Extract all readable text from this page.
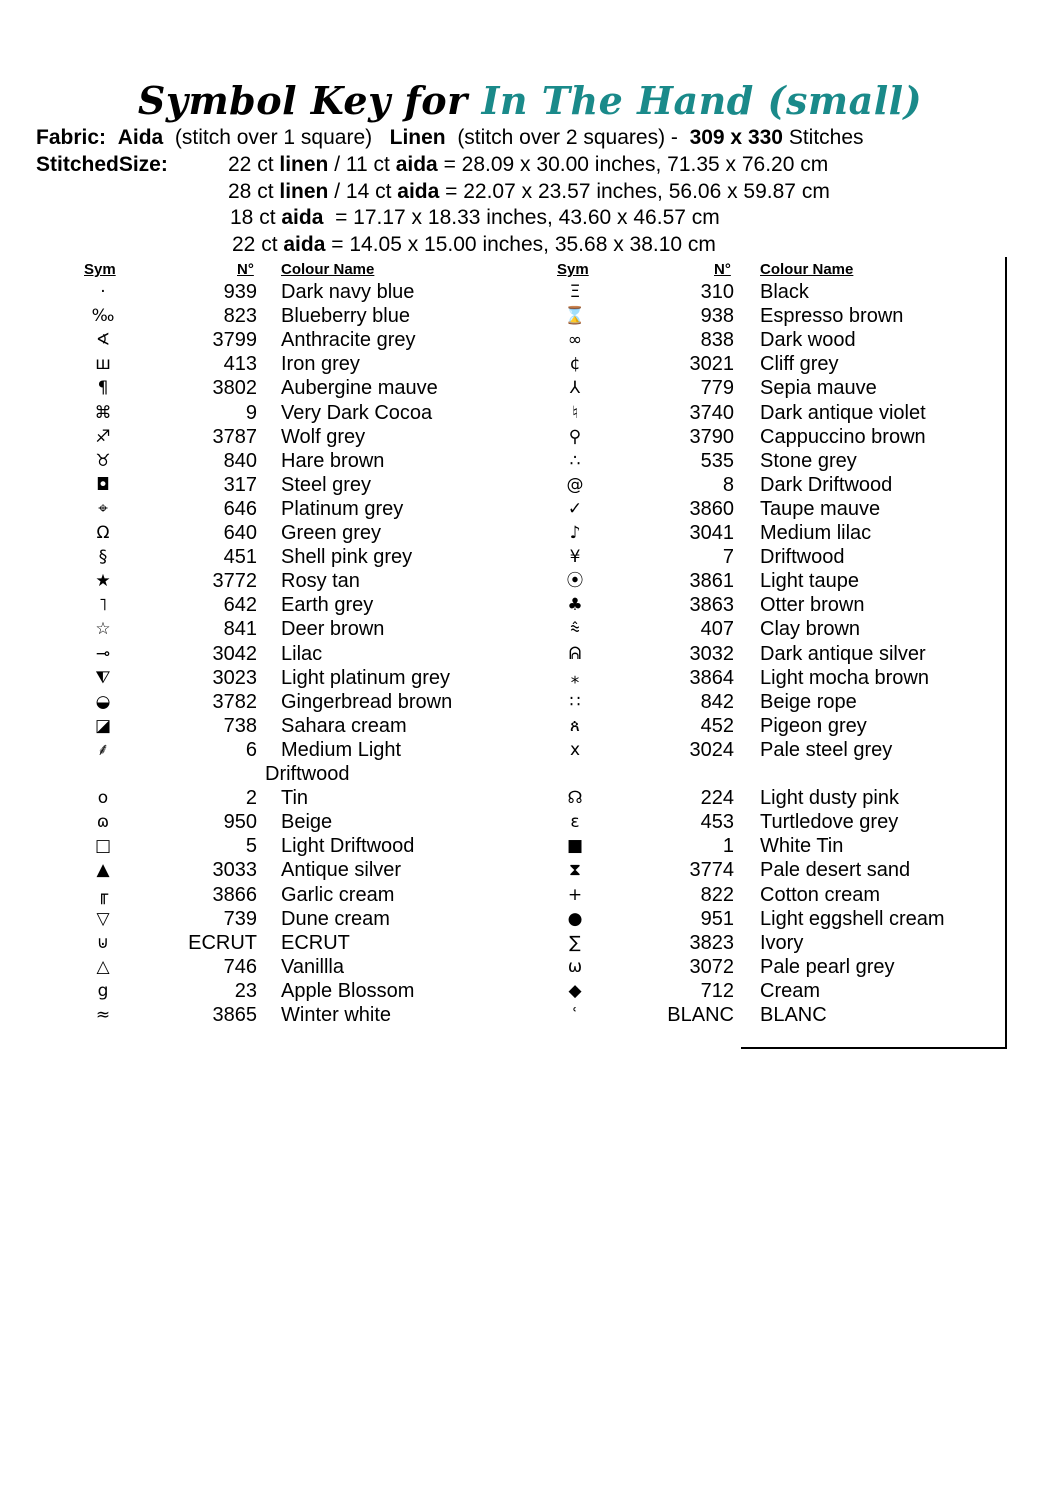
Symbol Key for In The Hand (small)
Fabric: Aida (stitch over 1 square) Linen (stitch over 2 squares) - 309 x 330 Stitches
StitchedSize:	22 ct linen / 11 ct aida = 28.09 x 30.00 inches, 71.35 x 76.20 cm
28 ct linen / 14 ct aida = 22.07 x 23.57 inches, 56.06 x 59.87 cm
18 ct aida  = 17.17 x 18.33 inches, 43.60 x 46.57 cm
22 ct aida = 14.05 x 15.00 inches, 35.68 x 38.10 cm
Sym	N° Colour Name	Sym	N° Colour Name
·	939 Dark navy blue
‰	823 Blueberry blue
∢	3799 Anthracite grey
ш	413 Iron grey
¶	3802 Aubergine mauve
⌘	9 Very Dark Cocoa
♐	3787 Wolf grey
♉	840 Hare brown
◘	317 Steel grey
⌖	646 Platinum grey
Ω	640 Green grey
§	451 Shell pink grey
★	3772 Rosy tan
˥	642 Earth grey
☆	841 Deer brown
⊸	3042 Lilac
⧨	3023 Light platinum grey
◒	3782 Gingerbread brown
◪	738 Sahara cream
⸙	6 Medium Light
Driftwood
o	2 Tin
ɷ	950 Beige
□	5 Light Driftwood
▲	3033 Antique silver
╓	3866 Garlic cream
▽	739 Dune cream
⊍	ECRUT ECRUT
△	746 Vanillla
g	23 Apple Blossom
≈	3865 Winter white
Ξ	310 Black
⌛	938 Espresso brown
∞	838 Dark wood
¢	3021 Cliff grey
⅄	779 Sepia mauve
♮	3740 Dark antique violet
⚲	3790 Cappuccino brown
∴	535 Stone grey
@	8 Dark Driftwood
✓	3860 Taupe mauve
♪	3041 Medium lilac
¥	7 Driftwood
⦿	3861 Light taupe
♣	3863 Otter brown
⩯	407 Clay brown
ᕱ	3032 Dark antique silver
⁎	3864 Light mocha brown
∷	842 Beige rope
ጰ	452 Pigeon grey
x	3024 Pale steel grey
☊	224 Light dusty pink
ε	453 Turtledove grey
■	1 White Tin
⧗	3774 Pale desert sand
+	822 Cotton cream
●	951 Light eggshell cream
∑	3823 Ivory
ω	3072 Pale pearl grey
◆	712 Cream
ʿ	BLANC BLANC
